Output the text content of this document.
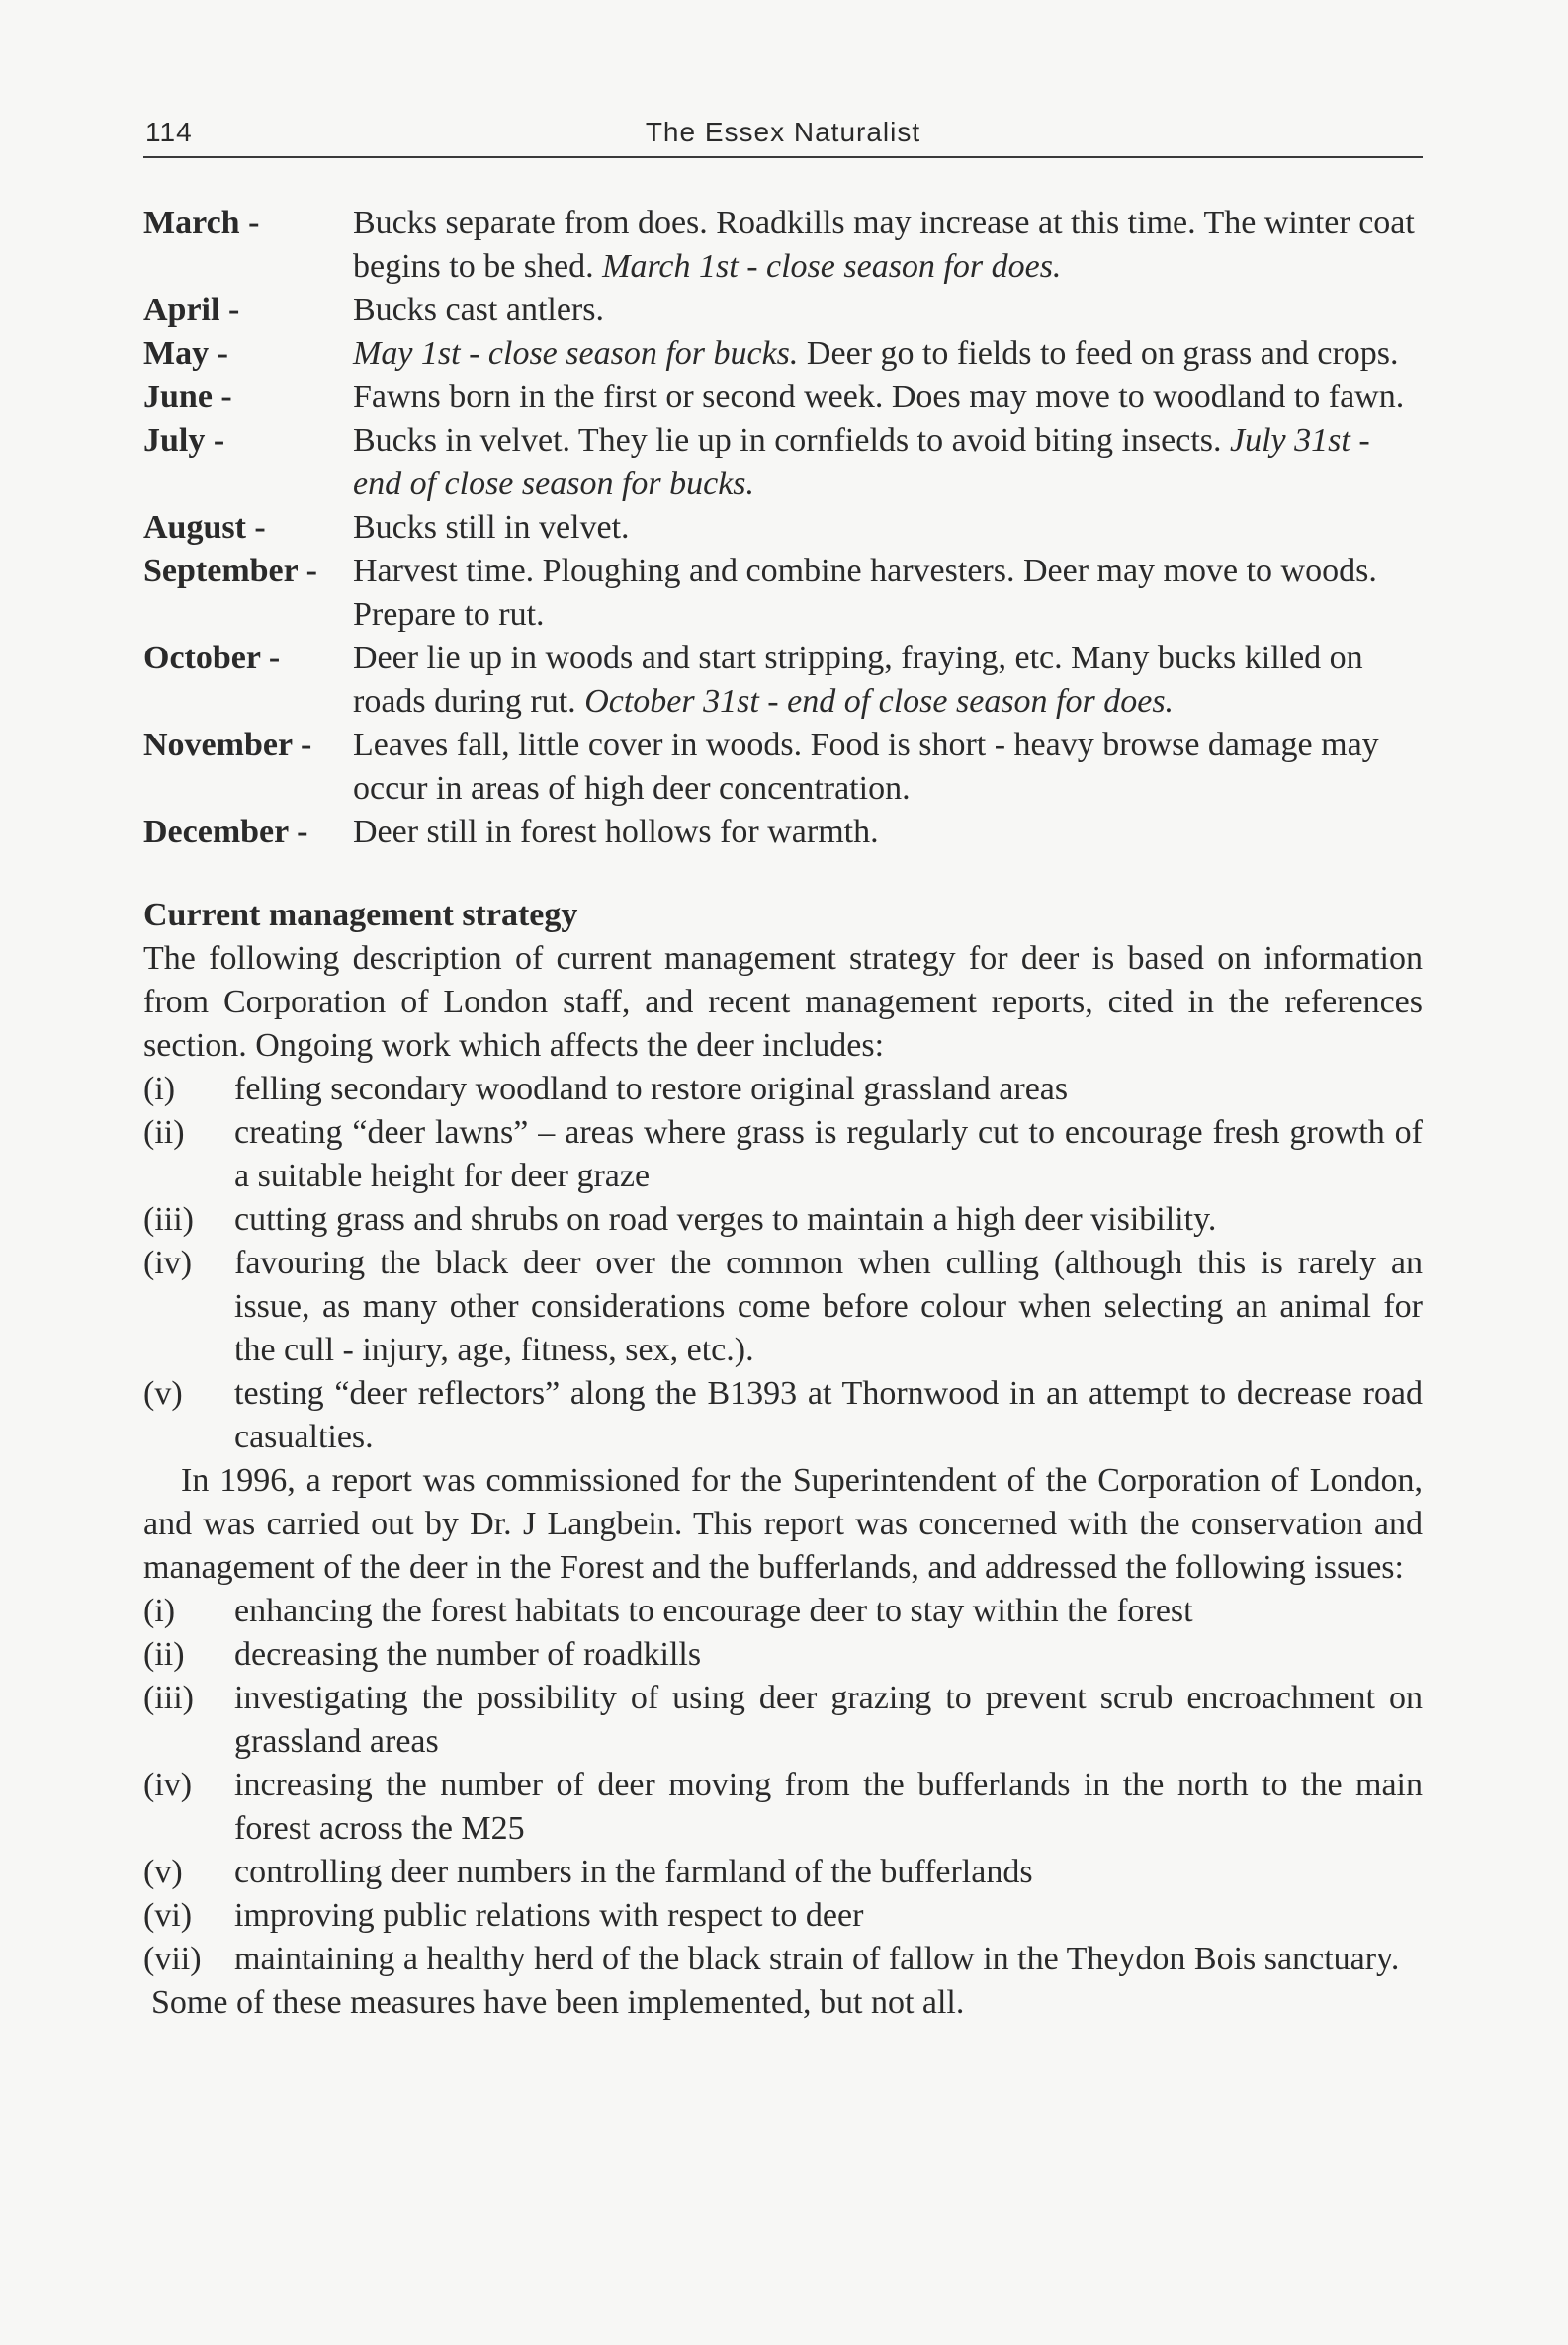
114	The Essex Naturalist
March -	Bucks separate from does. Roadkills may increase at this time. The winter coat begins to be shed. March 1st - close season for does.
April -	Bucks cast antlers.
May -	May 1st - close season for bucks. Deer go to fields to feed on grass and crops.
June -	Fawns born in the first or second week. Does may move to woodland to fawn.
July -	Bucks in velvet. They lie up in cornfields to avoid biting insects. July 31st - end of close season for bucks.
August -	Bucks still in velvet.
September -	Harvest time. Ploughing and combine harvesters. Deer may move to woods. Prepare to rut.
October -	Deer lie up in woods and start stripping, fraying, etc. Many bucks killed on roads during rut. October 31st - end of close season for does.
November -	Leaves fall, little cover in woods. Food is short - heavy browse damage may occur in areas of high deer concentration.
December -	Deer still in forest hollows for warmth.
Current management strategy

The following description of current management strategy for deer is based on information from Corporation of London staff, and recent management reports, cited in the references section. Ongoing work which affects the deer includes:

(i)	felling secondary woodland to restore original grassland areas
(ii)	creating “deer lawns” – areas where grass is regularly cut to encourage fresh growth of a suitable height for deer graze
(iii)	cutting grass and shrubs on road verges to maintain a high deer visibility.
(iv)	favouring the black deer over the common when culling (although this is rarely an issue, as many other considerations come before colour when selecting an animal for the cull - injury, age, fitness, sex, etc.).
(v)	testing “deer reflectors” along the B1393 at Thornwood in an attempt to decrease road casualties.

In 1996, a report was commissioned for the Superintendent of the Corporation of London, and was carried out by Dr. J Langbein. This report was concerned with the conservation and management of the deer in the Forest and the bufferlands, and addressed the following issues:

(i)	enhancing the forest habitats to encourage deer to stay within the forest
(ii)	decreasing the number of roadkills
(iii)	investigating the possibility of using deer grazing to prevent scrub encroachment on grassland areas
(iv)	increasing the number of deer moving from the bufferlands in the north to the main forest across the M25
(v)	controlling deer numbers in the farmland of the bufferlands
(vi)	improving public relations with respect to deer
(vii) maintaining a healthy herd of the black strain of fallow in the Theydon Bois sanctuary.

Some of these measures have been implemented, but not all.
